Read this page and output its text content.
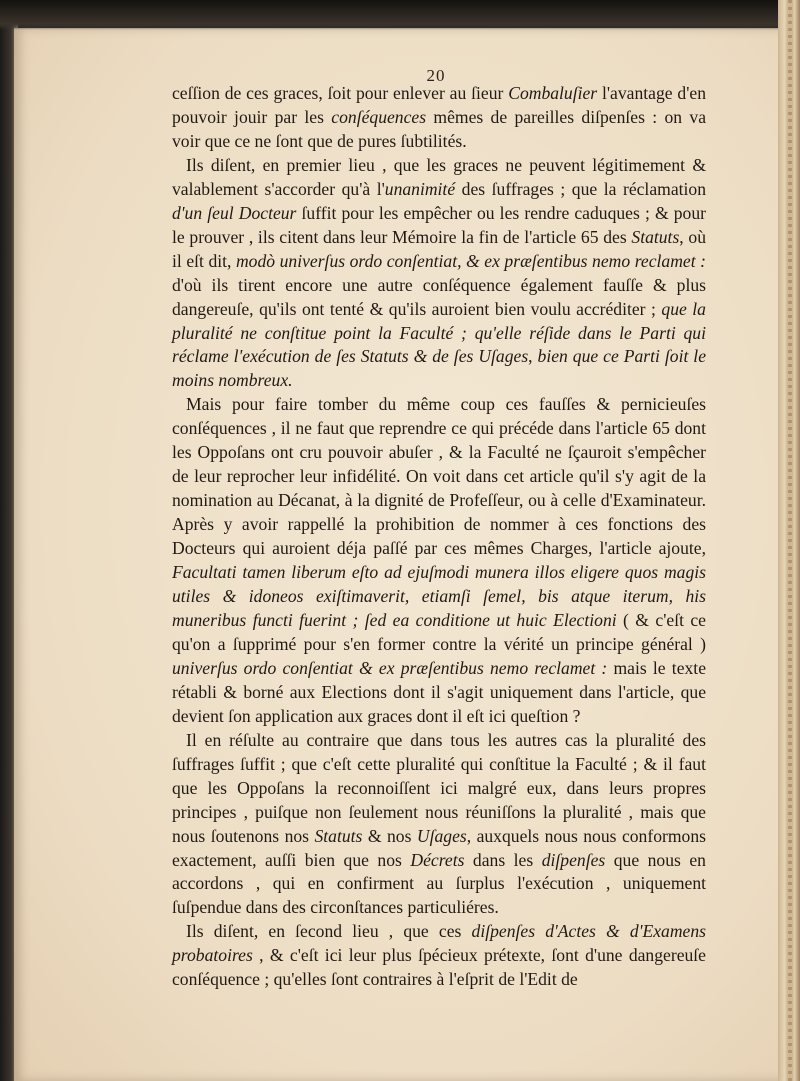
20

ceſſion de ces graces, ſoit pour enlever au ſieur Combaluſier l'avantage d'en pouvoir jouir par les conſéquences mêmes de pareilles diſpenſes : on va voir que ce ne ſont que de pures ſubtilités.

Ils diſent, en premier lieu , que les graces ne peuvent légitimement & valablement s'accorder qu'à l'unanimité des ſuffrages ; que la réclamation d'un ſeul Docteur ſuffit pour les empêcher ou les rendre caduques ; & pour le prouver , ils citent dans leur Mémoire la fin de l'article 65 des Statuts, où il eſt dit, modò univerſus ordo conſentiat, & ex præſentibus nemo reclamet : d'où ils tirent encore une autre conſéquence également fauſſe & plus dangereuſe, qu'ils ont tenté & qu'ils auroient bien voulu accréditer ; que la pluralité ne conſtitue point la Faculté ; qu'elle réſide dans le Parti qui réclame l'exécution de ſes Statuts & de ſes Uſages, bien que ce Parti ſoit le moins nombreux.

Mais pour faire tomber du même coup ces fauſſes & pernicieuſes conſéquences , il ne faut que reprendre ce qui précéde dans l'article 65 dont les Oppoſans ont cru pouvoir abuſer , & la Faculté ne ſçauroit s'empêcher de leur reprocher leur infidélité. On voit dans cet article qu'il s'y agit de la nomination au Décanat, à la dignité de Profeſſeur, ou à celle d'Examinateur. Après y avoir rappellé la prohibition de nommer à ces fonctions des Docteurs qui auroient déja paſſé par ces mêmes Charges, l'article ajoute, Facultati tamen liberum eſto ad ejuſmodi munera illos eligere quos magis utiles & idoneos exiſtimaverit, etiamſi ſemel, bis atque iterum, his muneribus functi fuerint ; ſed ea conditione ut huic Electioni ( & c'eſt ce qu'on a ſupprimé pour s'en former contre la vérité un principe général ) univerſus ordo conſentiat & ex præſentibus nemo reclamet : mais le texte rétabli & borné aux Elections dont il s'agit uniquement dans l'article, que devient ſon application aux graces dont il eſt ici queſtion ?

Il en réſulte au contraire que dans tous les autres cas la pluralité des ſuffrages ſuffit ; que c'eſt cette pluralité qui conſtitue la Faculté ; & il faut que les Oppoſans la reconnoiſſent ici malgré eux, dans leurs propres principes , puiſque non ſeulement nous réuniſſons la pluralité , mais que nous ſoutenons nos Statuts & nos Uſages, auxquels nous nous conformons exactement, auſſi bien que nos Décrets dans les diſpenſes que nous en accordons , qui en confirment au ſurplus l'exécution , uniquement ſuſpendue dans des circonſtances particuliéres.

Ils diſent, en ſecond lieu , que ces diſpenſes d'Actes & d'Examens probatoires , & c'eſt ici leur plus ſpécieux prétexte, ſont d'une dangereuſe conſéquence ; qu'elles ſont contraires à l'eſprit de l'Edit de
